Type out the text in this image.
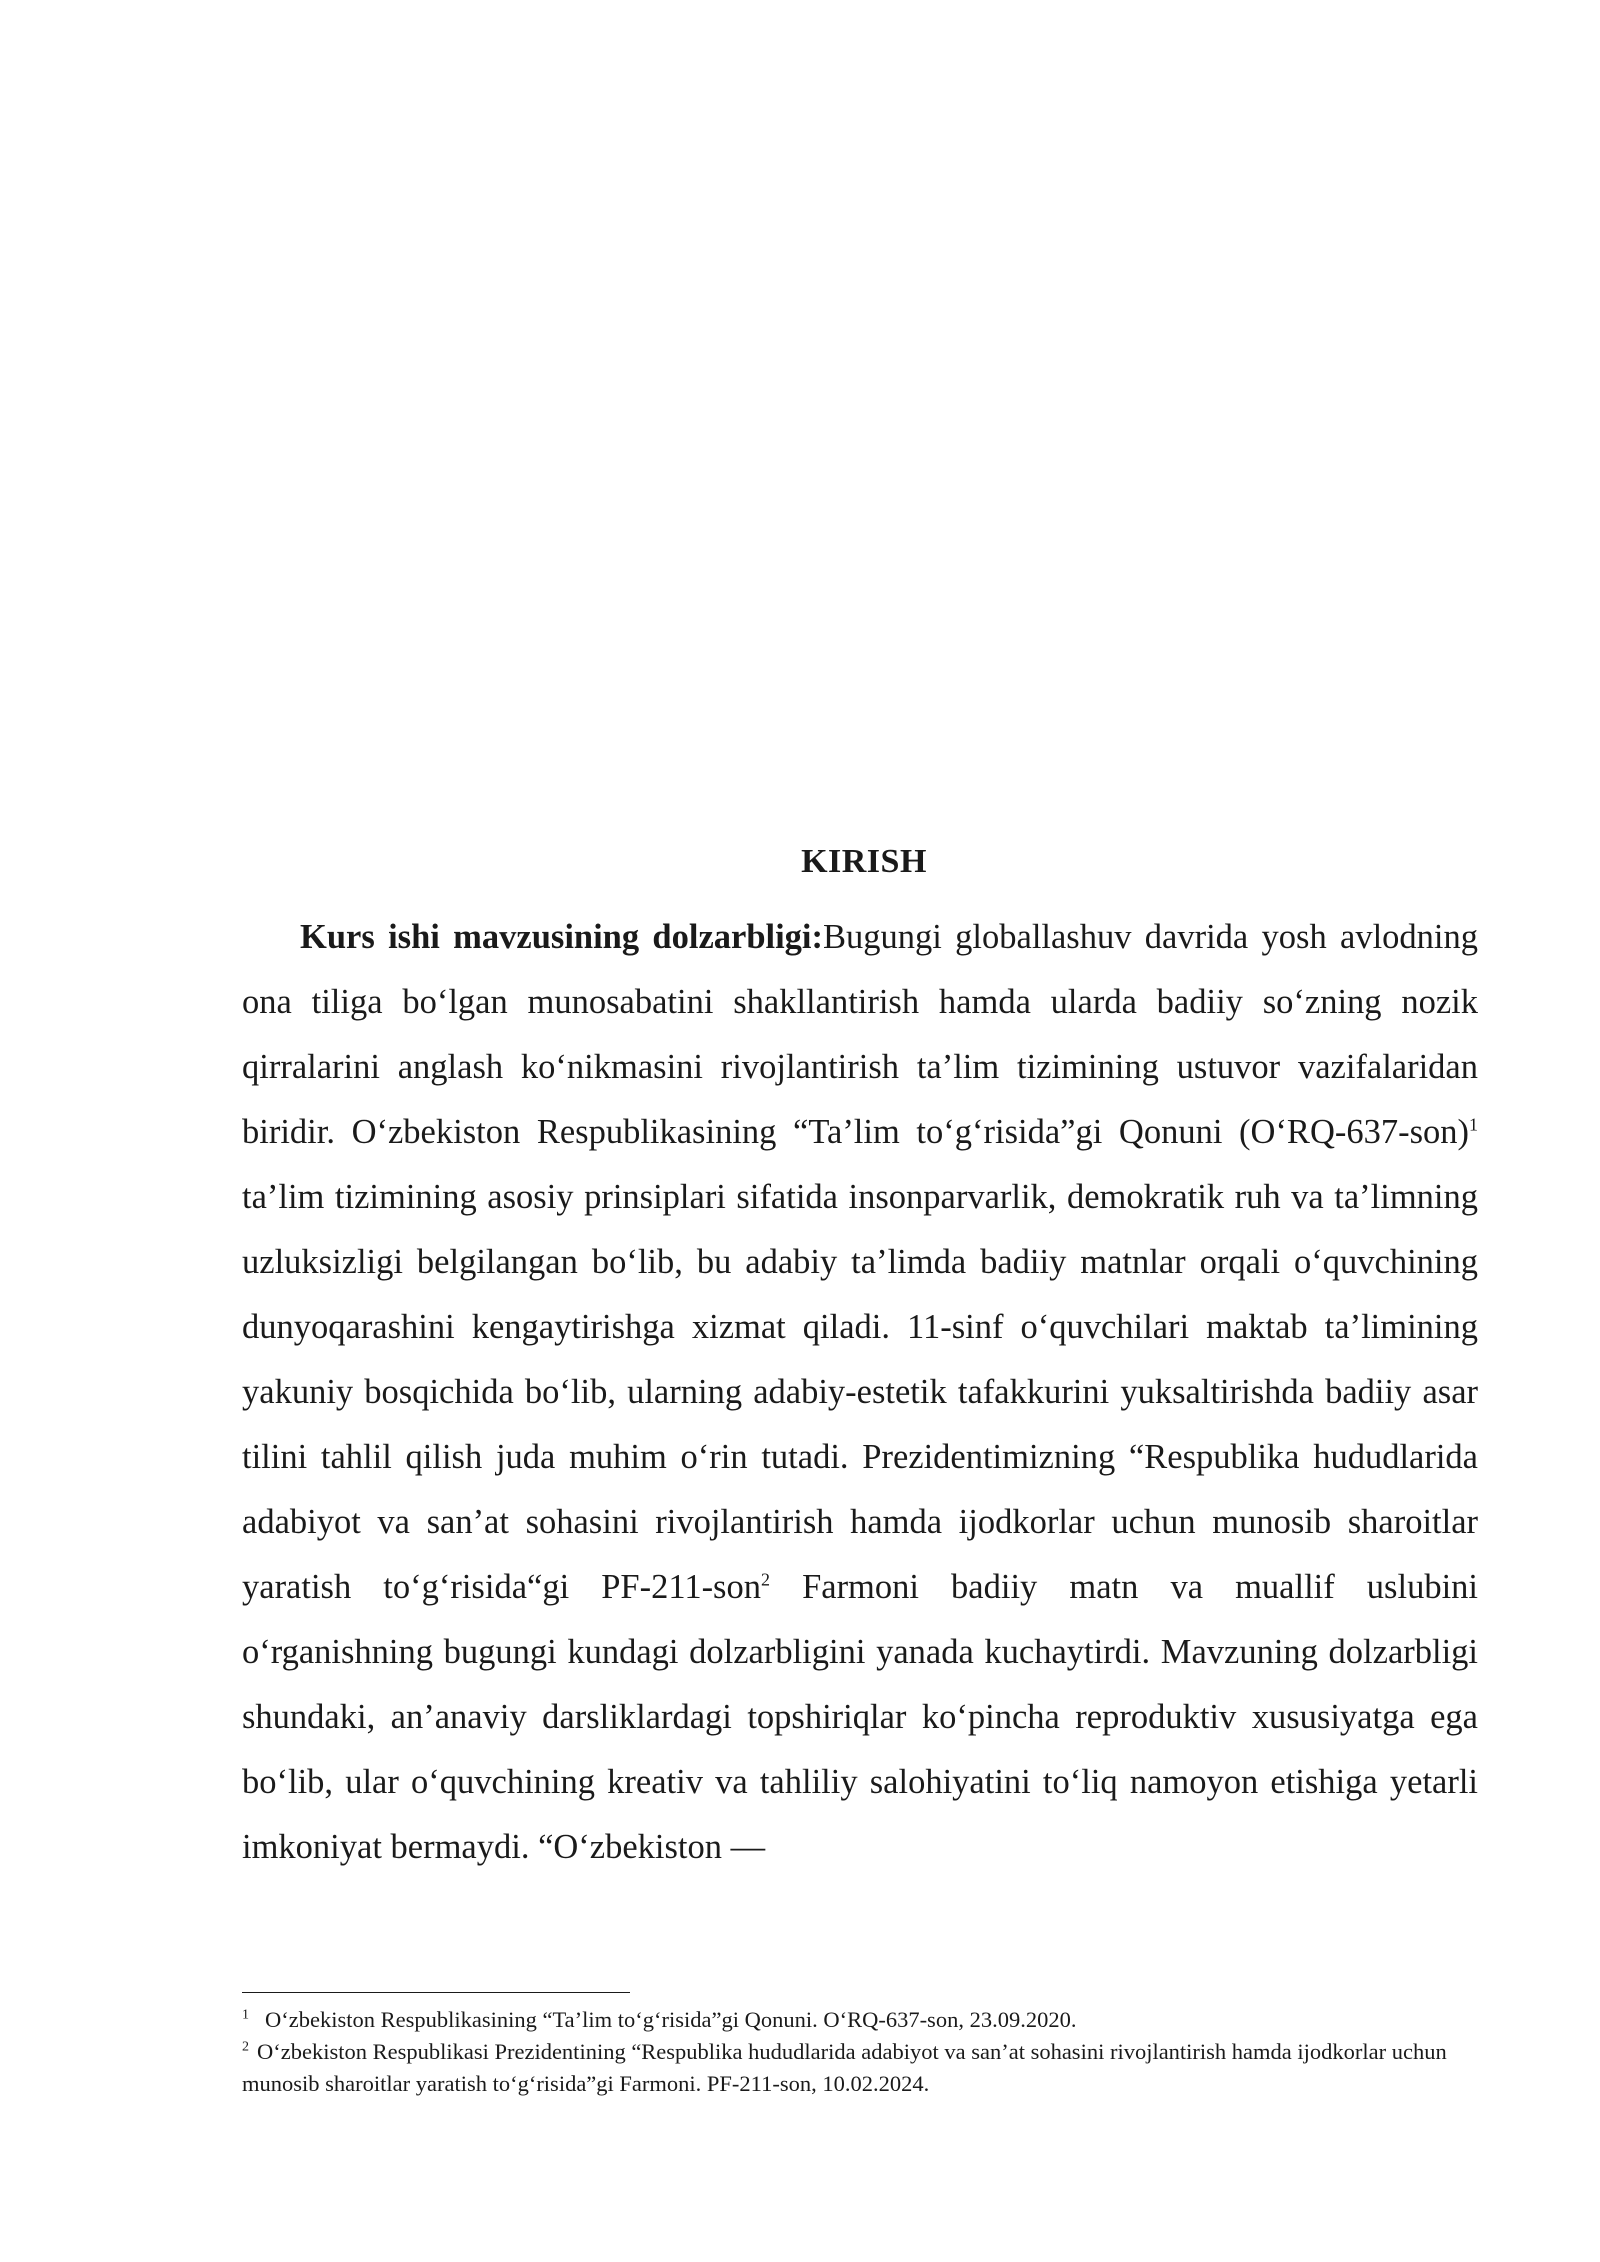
KIRISH

Kurs ishi mavzusining dolzarbligi:Bugungi globallashuv davrida yosh avlodning ona tiliga bo‘lgan munosabatini shakllantirish hamda ularda badiiy so‘zning nozik qirralarini anglash ko‘nikmasini rivojlantirish ta’lim tizimining ustuvor vazifalaridan biridir. O‘zbekiston Respublikasining “Ta’lim to‘g‘risida”gi Qonuni (O‘RQ-637-son)$^1$ ta’lim tizimining asosiy prinsiplari sifatida insonparvarlik, demokratik ruh va ta’limning uzluksizligi belgilangan bo‘lib, bu adabiy ta’limda badiiy matnlar orqali o‘quvchining dunyoqarashini kengaytirishga xizmat qiladi. 11-sinf o‘quvchilari maktab ta’limining yakuniy bosqichida bo‘lib, ularning adabiy-estetik tafakkurini yuksaltirishda badiiy asar tilini tahlil qilish juda muhim o‘rin tutadi. Prezidentimizning “Respublika hududlarida adabiyot va san’at sohasini rivojlantirish hamda ijodkorlar uchun munosib sharoitlar yaratish to‘g‘risida“gi PF-211-son$^2$ Farmoni badiiy matn va muallif uslubini o‘rganishning bugungi kundagi dolzarbligini yanada kuchaytirdi. Mavzuning dolzarbligi shundaki, an’anaviy darsliklardagi topshiriqlar ko‘pincha reproduktiv xususiyatga ega bo‘lib, ular o‘quvchining kreativ va tahliliy salohiyatini to‘liq namoyon etishiga yetarli imkoniyat bermaydi. “O‘zbekiston —

$^1$ O‘zbekiston Respublikasining “Ta’lim to‘g‘risida”gi Qonuni. O‘RQ-637-son, 23.09.2020.

$^2$ O‘zbekiston Respublikasi Prezidentining “Respublika hududlarida adabiyot va san’at sohasini rivojlantirish hamda ijodkorlar uchun munosib sharoitlar yaratish to‘g‘risida”gi Farmoni. PF-211-son, 10.02.2024.
